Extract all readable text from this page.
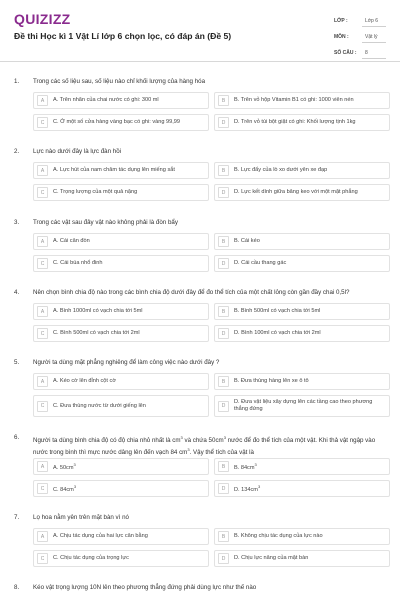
QUIZIZZ
Đề thi Học kì 1 Vật Lí lớp 6 chọn lọc, có đáp án (Đề 5)
LỚP :	Lớp 6
MÔN :	Vật lý
SỐ CÂU :	8
1. Trong các số liệu sau, số liệu nào chỉ khối lượng của hàng hóa
A	A. Trên nhãn của chai nước có ghi: 300 ml	B	B. Trên vỏ hộp Vitamin B1 có ghi: 1000 viên nén
C	C. Ở một số cửa hàng vàng bạc có ghi: vàng 99,99	D	D. Trên vỏ túi bột giặt có ghi: Khối lượng tịnh 1kg
2. Lực nào dưới đây là lực đàn hồi
A	A. Lực hút của nam châm tác dụng lên miếng sắt	B	B. Lực đẩy của lò xo dưới yên xe đạp
C	C. Trọng lượng của một quả nặng	D	D. Lực kết dính giữa băng keo với một mặt phẳng
3. Trong các vật sau đây vật nào không phải là đòn bẩy
A	A. Cái cân đòn	B	B. Cái kéo
C	C. Cái búa nhổ đinh	D	D. Cái cầu thang gác
4. Nên chọn bình chia độ nào trong các bình chia độ dưới đây để đo thể tích của một chất lỏng còn gần đầy chai 0,5l?
A	A. Bình 1000ml có vạch chia tới 5ml	B	B. Bình 500ml có vạch chia tới 5ml
C	C. Bình 500ml có vạch chia tới 2ml	D	D. Bình 100ml có vạch chia tới 2ml
5. Người ta dùng mặt phẳng nghiêng để làm công việc nào dưới đây ?
A	A. Kéo cờ lên đỉnh cột cờ	B	B. Đưa thùng hàng lên xe ô tô
C	C. Đưa thùng nước từ dưới giếng lên	D
D. Đưa vật liệu xây dựng lên các tầng cao theo phương thẳng đứng
6. Người ta dùng bình chia độ có độ chia nhỏ nhất là $cm^3$ và chứa $50cm^3$ nước để đo thể tích của một vật. Khi thả vật ngập vào nước trong bình thì mực nước dâng lên đến vạch 84 $cm^3$. Vậy thể tích của vật là
A	A. $50cm^3$	B	B. $84cm^3$
C	C. $84cm^3$	D	D. $134cm^3$
7. Lọ hoa nằm yên trên mặt bàn vì nó
A	A. Chịu tác dụng của hai lực cân bằng	B	B. Không chịu tác dụng của lực nào
C	C. Chịu tác dụng của trọng lực	D	D. Chịu lực nâng của mặt bàn
8. Kéo vật trọng lượng 10N lên theo phương thẳng đứng phải dùng lực như thế nào
